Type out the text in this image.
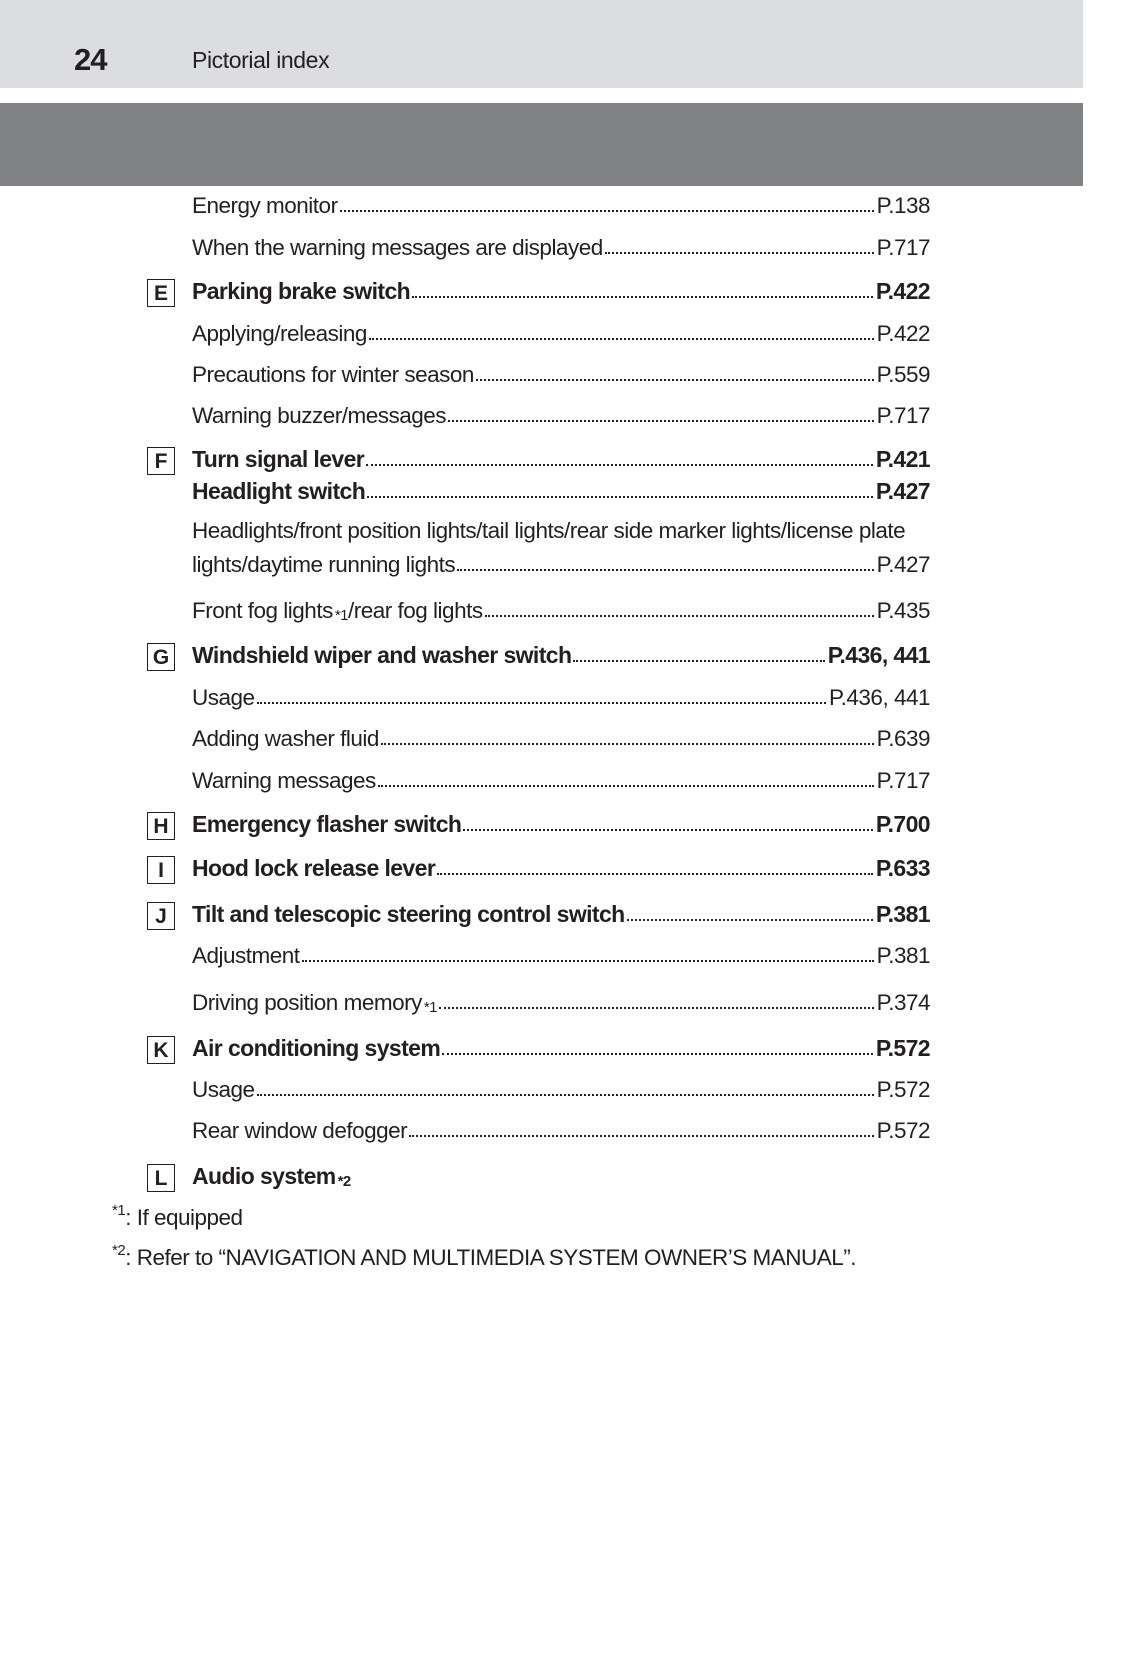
24	Pictorial index
Energy monitor	P.138
When the warning messages are displayed	P.717
E	Parking brake switch	P.422
Applying/releasing	P.422
Precautions for winter season	P.559
Warning buzzer/messages	P.717
F	Turn signal lever	P.421
Headlight switch	P.427
Headlights/front position lights/tail lights/rear side marker lights/license plate
lights/daytime running lights	P.427
Front fog lights$_{*1}$ /rear fog lights	P.435
G Windshield wiper and washer switch	P.436, 441
Usage	P.436, 441
Adding washer fluid	P.639
Warning messages	P.717
H Emergency flasher switch	P.700
I	Hood lock release lever	P.633
J	Tilt and telescopic steering control switch	P.381
Adjustment	P.381
Driving position memory$_{*1}$	P.374
K Air conditioning system	P.572
Usage	P.572
Rear window defogger	P.572
L	Audio system$_{*2}$
$^{*1}$: If equipped
$^{*2}$: Refer to “NAVIGATION AND MULTIMEDIA SYSTEM OWNER’S MANUAL”.
